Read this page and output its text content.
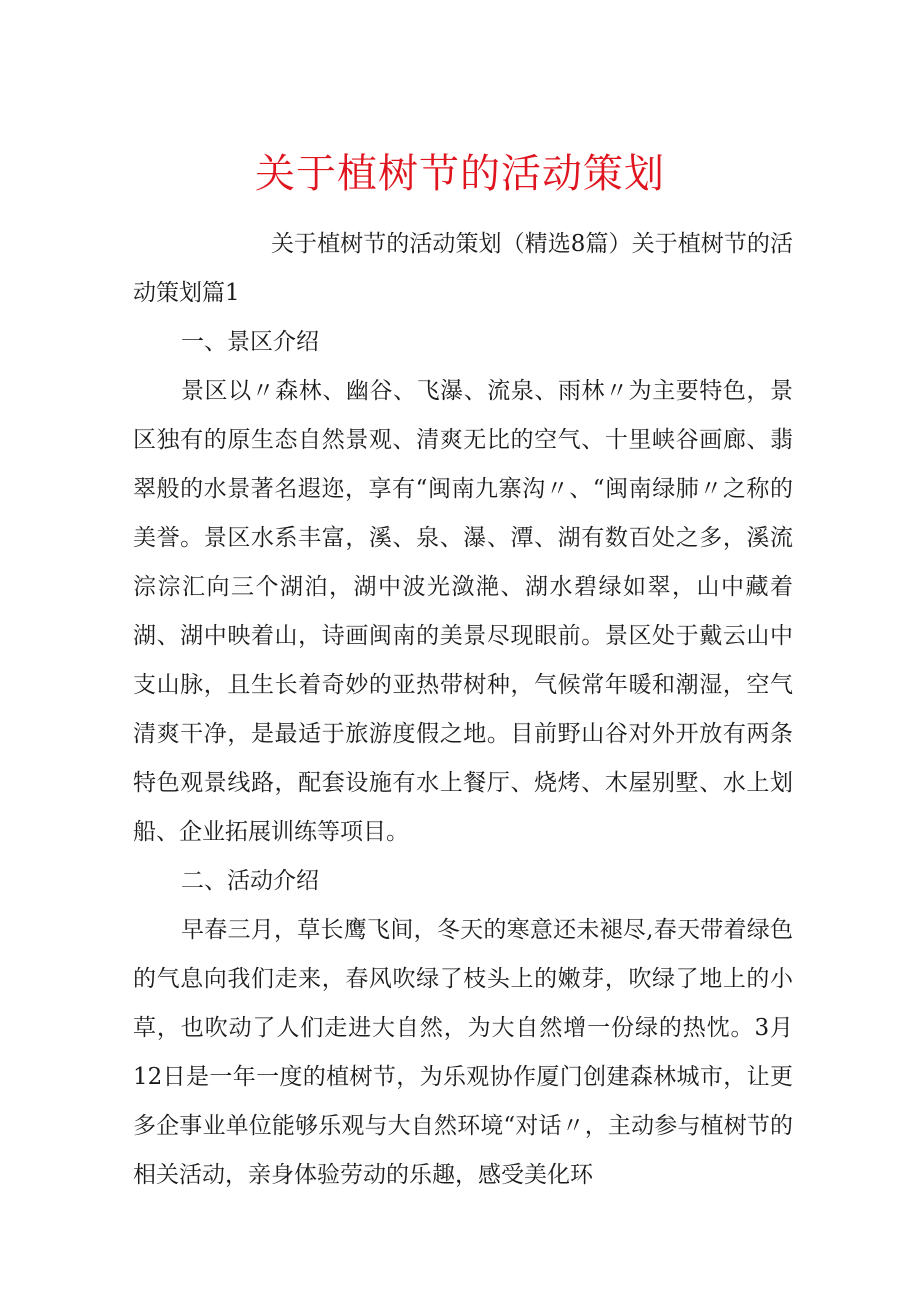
关于植树节的活动策划

关于植树节的活动策划（精选8篇）关于植树节的活动策划篇1

一、景区介绍

景区以〃森林、幽谷、飞瀑、流泉、雨林〃为主要特色，景区独有的原生态自然景观、清爽无比的空气、十里峡谷画廊、翡翠般的水景著名遐迩，享有“闽南九寨沟〃、“闽南绿肺〃之称的美誉。景区水系丰富，溪、泉、瀑、潭、湖有数百处之多，溪流淙淙汇向三个湖泊，湖中波光潋滟、湖水碧绿如翠，山中藏着湖、湖中映着山，诗画闽南的美景尽现眼前。景区处于戴云山中支山脉，且生长着奇妙的亚热带树种，气候常年暖和潮湿，空气清爽干净，是最适于旅游度假之地。目前野山谷对外开放有两条特色观景线路，配套设施有水上餐厅、烧烤、木屋别墅、水上划船、企业拓展训练等项目。

二、活动介绍

早春三月，草长鹰飞间，冬天的寒意还未褪尽,春天带着绿色的气息向我们走来，春风吹绿了枝头上的嫩芽，吹绿了地上的小草，也吹动了人们走进大自然，为大自然增一份绿的热忱。3月12日是一年一度的植树节，为乐观协作厦门创建森林城市，让更多企事业单位能够乐观与大自然环境“对话〃，主动参与植树节的相关活动，亲身体验劳动的乐趣，感受美化环
